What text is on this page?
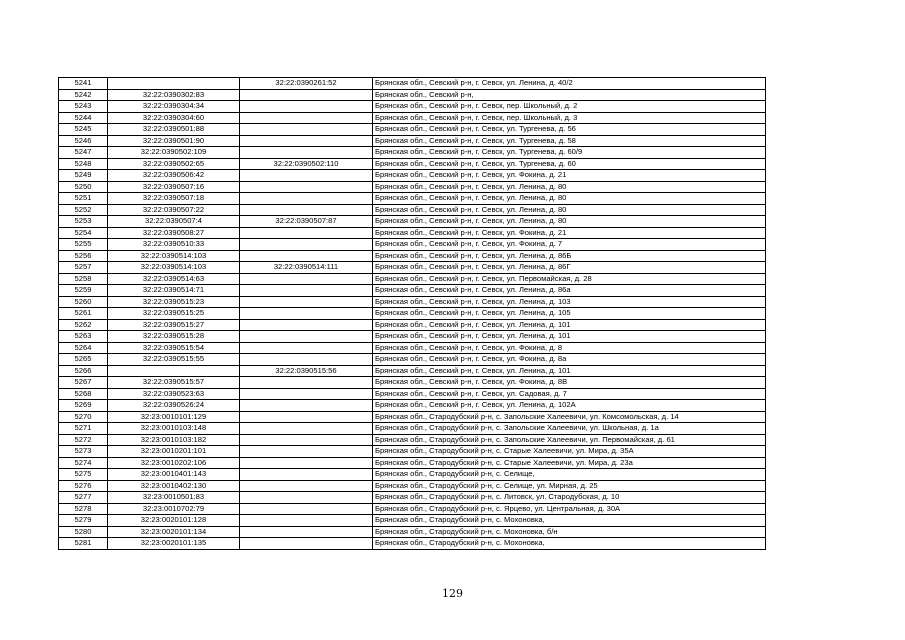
5241		32:22:0390261:52	Брянская обл., Севский р-н, г. Севск, ул. Ленина, д. 40/2
5242	32:22:0390302:83		Брянская обл., Севский р-н,
5243	32:22:0390304:34		Брянская обл., Севский р-н, г. Севск, пер. Школьный, д. 2
5244	32:22:0390304:60		Брянская обл., Севский р-н, г. Севск, пер. Школьный, д. 3
5245	32:22:0390501:88		Брянская обл., Севский р-н, г. Севск, ул. Тургенева, д. 56
5246	32:22:0390501:90		Брянская обл., Севский р-н, г. Севск, ул. Тургенева, д. 58
5247	32:22:0390502:109		Брянская обл., Севский р-н, г. Севск, ул. Тургенева, д. 60/9
5248	32:22:0390502:65	32:22:0390502:110	Брянская обл., Севский р-н, г. Севск, ул. Тургенева, д. 60
5249	32:22:0390506:42		Брянская обл., Севский р-н, г. Севск, ул. Фокина, д. 21
5250	32:22:0390507:16		Брянская обл., Севский р-н, г. Севск, ул. Ленина, д. 80
5251	32:22:0390507:18		Брянская обл., Севский р-н, г. Севск, ул. Ленина, д. 80
5252	32:22:0390507:22		Брянская обл., Севский р-н, г. Севск, ул. Ленина, д. 80
5253	32:22:0390507:4	32:22:0390507:87	Брянская обл., Севский р-н, г. Севск, ул. Ленина, д. 80
5254	32:22:0390508:27		Брянская обл., Севский р-н, г. Севск, ул. Фокина, д. 21
5255	32:22:0390510:33		Брянская обл., Севский р-н, г. Севск, ул. Фокина, д. 7
5256	32:22:0390514:103		Брянская обл., Севский р-н, г. Севск, ул. Ленина, д. 86Б
5257	32:22:0390514:103	32:22:0390514:111	Брянская обл., Севский р-н, г. Севск, ул. Ленина, д. 86Г
5258	32:22:0390514:63		Брянская обл., Севский р-н, г. Севск, ул. Первомайская, д. 28
5259	32:22:0390514:71		Брянская обл., Севский р-н, г. Севск, ул. Ленина, д. 86а
5260	32:22:0390515:23		Брянская обл., Севский р-н, г. Севск, ул. Ленина, д. 103
5261	32:22:0390515:25		Брянская обл., Севский р-н, г. Севск, ул. Ленина, д. 105
5262	32:22:0390515:27		Брянская обл., Севский р-н, г. Севск, ул. Ленина, д. 101
5263	32:22:0390515:28		Брянская обл., Севский р-н, г. Севск, ул. Ленина, д. 101
5264	32:22:0390515:54		Брянская обл., Севский р-н, г. Севск, ул. Фокина, д. 8
5265	32:22:0390515:55		Брянская обл., Севский р-н, г. Севск, ул. Фокина, д. 8а
5266		32:22:0390515:56	Брянская обл., Севский р-н, г. Севск, ул. Ленина, д. 101
5267	32:22:0390515:57		Брянская обл., Севский р-н, г. Севск, ул. Фокина, д. 8В
5268	32:22:0390523:63		Брянская обл., Севский р-н, г. Севск, ул. Садовая, д. 7
5269	32:22:0390526:24		Брянская обл., Севский р-н, г. Севск, ул. Ленина, д. 102А
5270	32:23:0010101:129		Брянская обл., Стародубский р-н, с. Запольские Халеевичи, ул. Комсомольская, д. 14
5271	32:23:0010103:148		Брянская обл., Стародубский р-н, с. Запольские Халеевичи, ул. Школьная, д. 1а
5272	32:23:0010103:182		Брянская обл., Стародубский р-н, с. Запольские Халеевичи, ул. Первомайская, д. 61
5273	32:23:0010201:101		Брянская обл., Стародубский р-н, с. Старые Халеевичи, ул. Мира, д. 35А
5274	32:23:0010202:106		Брянская обл., Стародубский р-н, с. Старые Халеевичи, ул. Мира, д. 23а
5275	32:23:0010401:143		Брянская обл., Стародубский р-н, с. Селище,
5276	32:23:0010402:130		Брянская обл., Стародубский р-н, с. Селище, ул. Мирная, д. 25
5277	32:23:0010501:83		Брянская обл., Стародубский р-н, с. Литовск, ул. Стародубская, д. 10
5278	32:23:0010702:79		Брянская обл., Стародубский р-н, с. Ярцево, ул. Центральная, д. 30А
5279	32:23:0020101:128		Брянская обл., Стародубский р-н, с. Мохоновка,
5280	32:23:0020101:134		Брянская обл., Стародубский р-н, с. Мохоновка, б/н
5281	32:23:0020101:135		Брянская обл., Стародубский р-н, с. Мохоновка,
129
